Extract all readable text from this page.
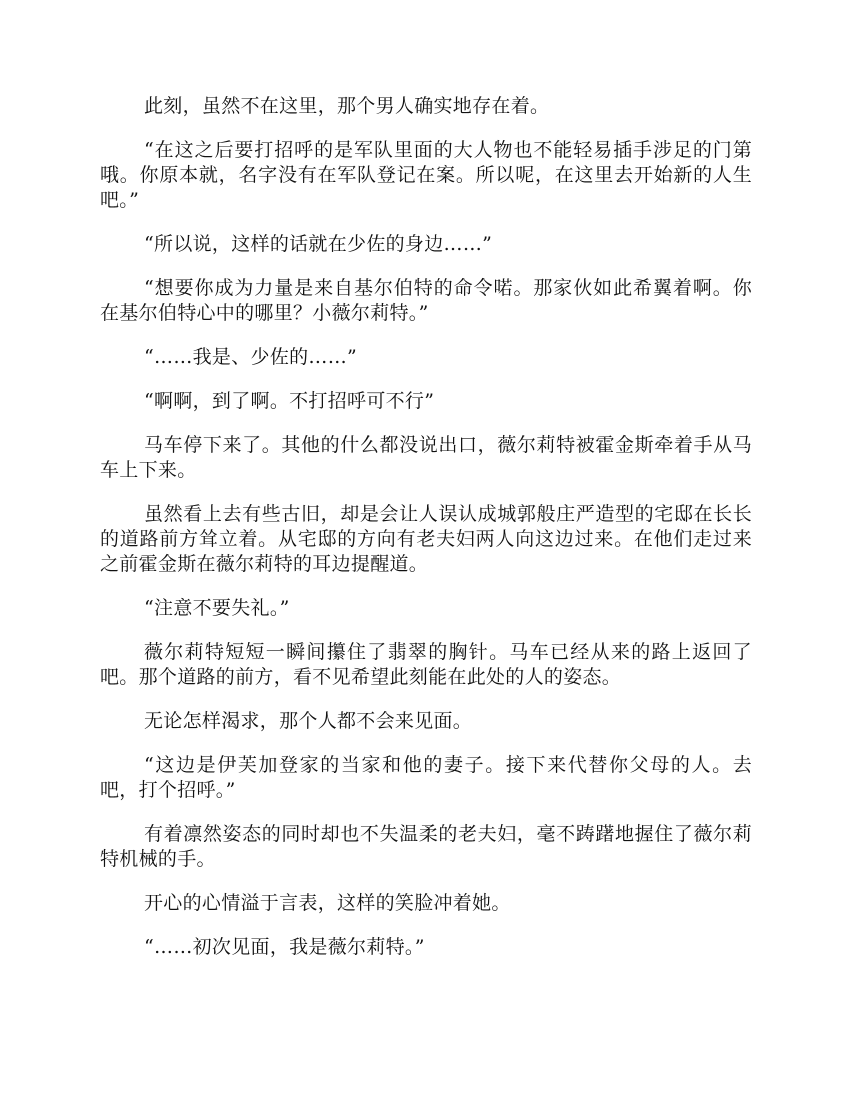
此刻，虽然不在这里，那个男人确实地存在着。

“在这之后要打招呼的是军队里面的大人物也不能轻易插手涉足的门第哦。你原本就，名字没有在军队登记在案。所以呢，在这里去开始新的人生吧。”

“所以说，这样的话就在少佐的身边……”

“想要你成为力量是来自基尔伯特的命令喏。那家伙如此希翼着啊。你在基尔伯特心中的哪里？小薇尔莉特。”

“……我是、少佐的……”

“啊啊，到了啊。不打招呼可不行”

马车停下来了。其他的什么都没说出口，薇尔莉特被霍金斯牵着手从马车上下来。

虽然看上去有些古旧，却是会让人误认成城郭般庄严造型的宅邸在长长的道路前方耸立着。从宅邸的方向有老夫妇两人向这边过来。在他们走过来之前霍金斯在薇尔莉特的耳边提醒道。

“注意不要失礼。”

薇尔莉特短短一瞬间攥住了翡翠的胸针。马车已经从来的路上返回了吧。那个道路的前方，看不见希望此刻能在此处的人的姿态。

无论怎样渴求，那个人都不会来见面。

“这边是伊芙加登家的当家和他的妻子。接下来代替你父母的人。去吧，打个招呼。”

有着凛然姿态的同时却也不失温柔的老夫妇，毫不踌躇地握住了薇尔莉特机械的手。

开心的心情溢于言表，这样的笑脸冲着她。

“……初次见面，我是薇尔莉特。”
